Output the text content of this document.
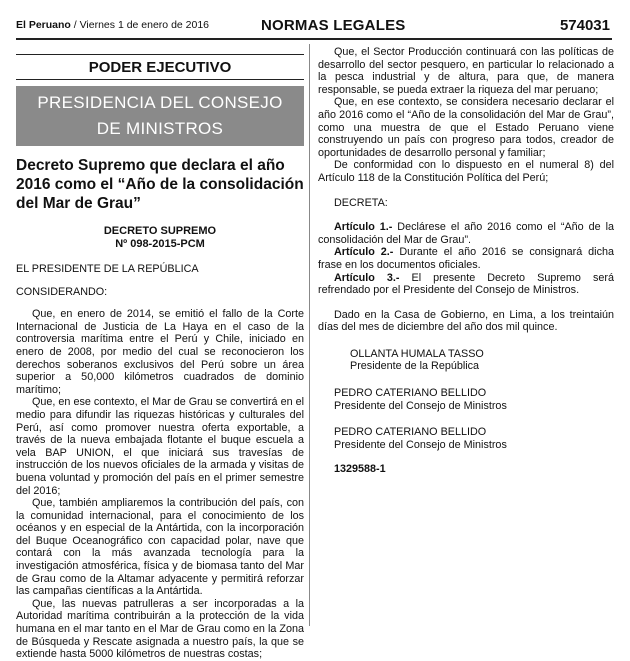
El Peruano / Viernes 1 de enero de 2016	NORMAS LEGALES	574031
PODER EJECUTIVO
PRESIDENCIA DEL CONSEJO
DE MINISTROS
Decreto Supremo que declara el año 2016 como el “Año de la consolidación del Mar de Grau”
DECRETO SUPREMO
Nº 098-2015-PCM

EL PRESIDENTE DE LA REPÚBLICA

CONSIDERANDO:

Que, en enero de 2014, se emitió el fallo de la Corte Internacional de Justicia de La Haya en el caso de la controversia marítima entre el Perú y Chile, iniciado en enero de 2008, por medio del cual se reconocieron los derechos soberanos exclusivos del Perú sobre un área superior a 50,000 kilómetros cuadrados de dominio marítimo;

Que, en ese contexto, el Mar de Grau se convertirá en el medio para difundir las riquezas históricas y culturales del Perú, así como promover nuestra oferta exportable, a través de la nueva embajada flotante el buque escuela a vela BAP UNION, el que iniciará sus travesías de instrucción de los nuevos oficiales de la armada y visitas de buena voluntad y promoción del país en el primer semestre del 2016;

Que, también ampliaremos la contribución del país, con la comunidad internacional, para el conocimiento de los océanos y en especial de la Antártida, con la incorporación del Buque Oceanográfico con capacidad polar, nave que contará con la más avanzada tecnología para la investigación atmosférica, física y de biomasa tanto del Mar de Grau como de la Altamar adyacente y permitirá reforzar las campañas científicas a la Antártida.

Que, las nuevas patrulleras a ser incorporadas a la Autoridad marítima contribuirán a la protección de la vida humana en el mar tanto en el Mar de Grau como en la Zona de Búsqueda y Rescate asignada a nuestro país, la que se extiende hasta 5000 kilómetros de nuestras costas;

Que, el Sector Producción continuará con las políticas de desarrollo del sector pesquero, en particular lo relacionado a la pesca industrial y de altura, para que, de manera responsable, se pueda extraer la riqueza del mar peruano;

Que, en ese contexto, se considera necesario declarar el año 2016 como el “Año de la consolidación del Mar de Grau”, como una muestra de que el Estado Peruano viene construyendo un país con progreso para todos, creador de oportunidades de desarrollo personal y familiar;

De conformidad con lo dispuesto en el numeral 8) del Artículo 118 de la Constitución Política del Perú;

DECRETA:

Artículo 1.- Declárese el año 2016 como el “Año de la consolidación del Mar de Grau”.

Artículo 2.- Durante el año 2016 se consignará dicha frase en los documentos oficiales.

Artículo 3.- El presente Decreto Supremo será refrendado por el Presidente del Consejo de Ministros.

Dado en la Casa de Gobierno, en Lima, a los treintaiún días del mes de diciembre del año dos mil quince.

OLLANTA HUMALA TASSO
Presidente de la República
PEDRO CATERIANO BELLIDO
Presidente del Consejo de Ministros
PEDRO CATERIANO BELLIDO
Presidente del Consejo de Ministros
1329588-1
